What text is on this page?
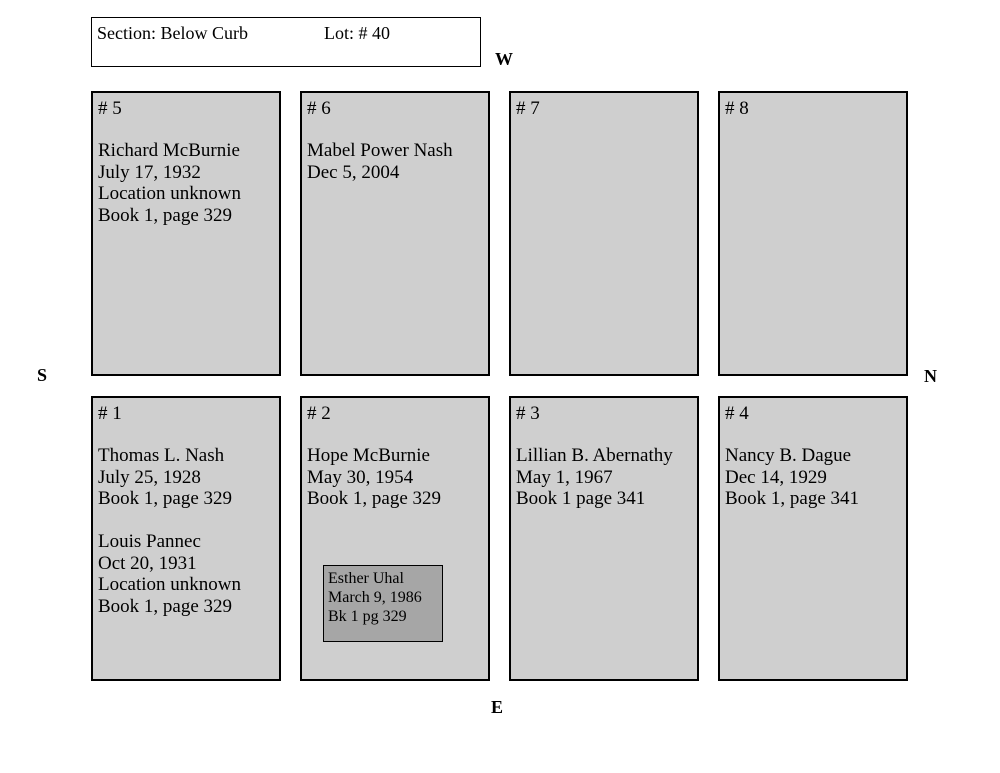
Section: Below Curb	Lot: # 40
W
S	N
E
# 5
Richard McBurnie
July 17, 1932
Location unknown
Book 1, page 329
# 6
Mabel Power Nash
Dec 5, 2004
# 7	# 8
# 1
Thomas L. Nash
July 25, 1928
Book 1, page 329
Louis Pannec
Oct 20, 1931
Location unknown
Book 1, page 329
# 2
Hope McBurnie
May 30, 1954
Book 1, page 329
Esther Uhal
March 9, 1986
Bk 1 pg 329
# 3
Lillian B. Abernathy
May 1, 1967
Book 1 page 341
# 4
Nancy B. Dague
Dec 14, 1929
Book 1, page 341
